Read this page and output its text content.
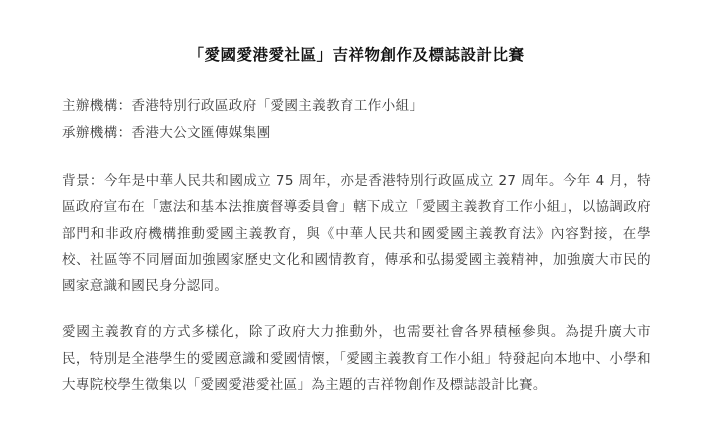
「愛國愛港愛社區」吉祥物創作及標誌設計比賽
主辦機構：香港特別行政區政府「愛國主義教育工作小組」
承辦機構：香港大公文匯傳媒集團

背景：今年是中華人民共和國成立 75 周年，亦是香港特別行政區成立 27 周年。今年 4 月，特區政府宣布在「憲法和基本法推廣督導委員會」轄下成立「愛國主義教育工作小組」，以協調政府部門和非政府機構推動愛國主義教育，與《中華人民共和國愛國主義教育法》內容對接，在學校、社區等不同層面加強國家歷史文化和國情教育，傳承和弘揚愛國主義精神，加強廣大市民的國家意識和國民身分認同。

愛國主義教育的方式多樣化，除了政府大力推動外，也需要社會各界積極參與。為提升廣大市民，特別是全港學生的愛國意識和愛國情懷，「愛國主義教育工作小組」特發起向本地中、小學和大專院校學生徵集以「愛國愛港愛社區」為主題的吉祥物創作及標誌設計比賽。
